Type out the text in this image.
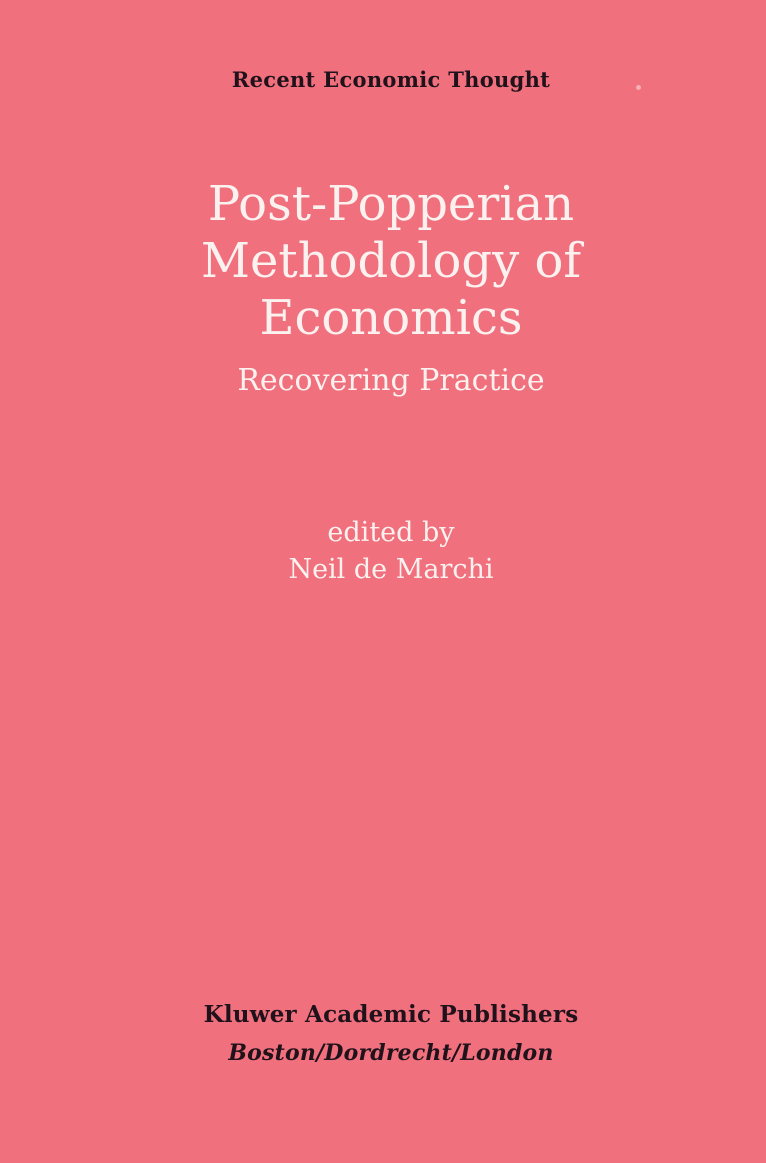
Recent Economic Thought
Post-Popperian
Methodology of
Economics
Recovering Practice
edited by
Neil de Marchi
Kluwer Academic Publishers
Boston/Dordrecht/London
